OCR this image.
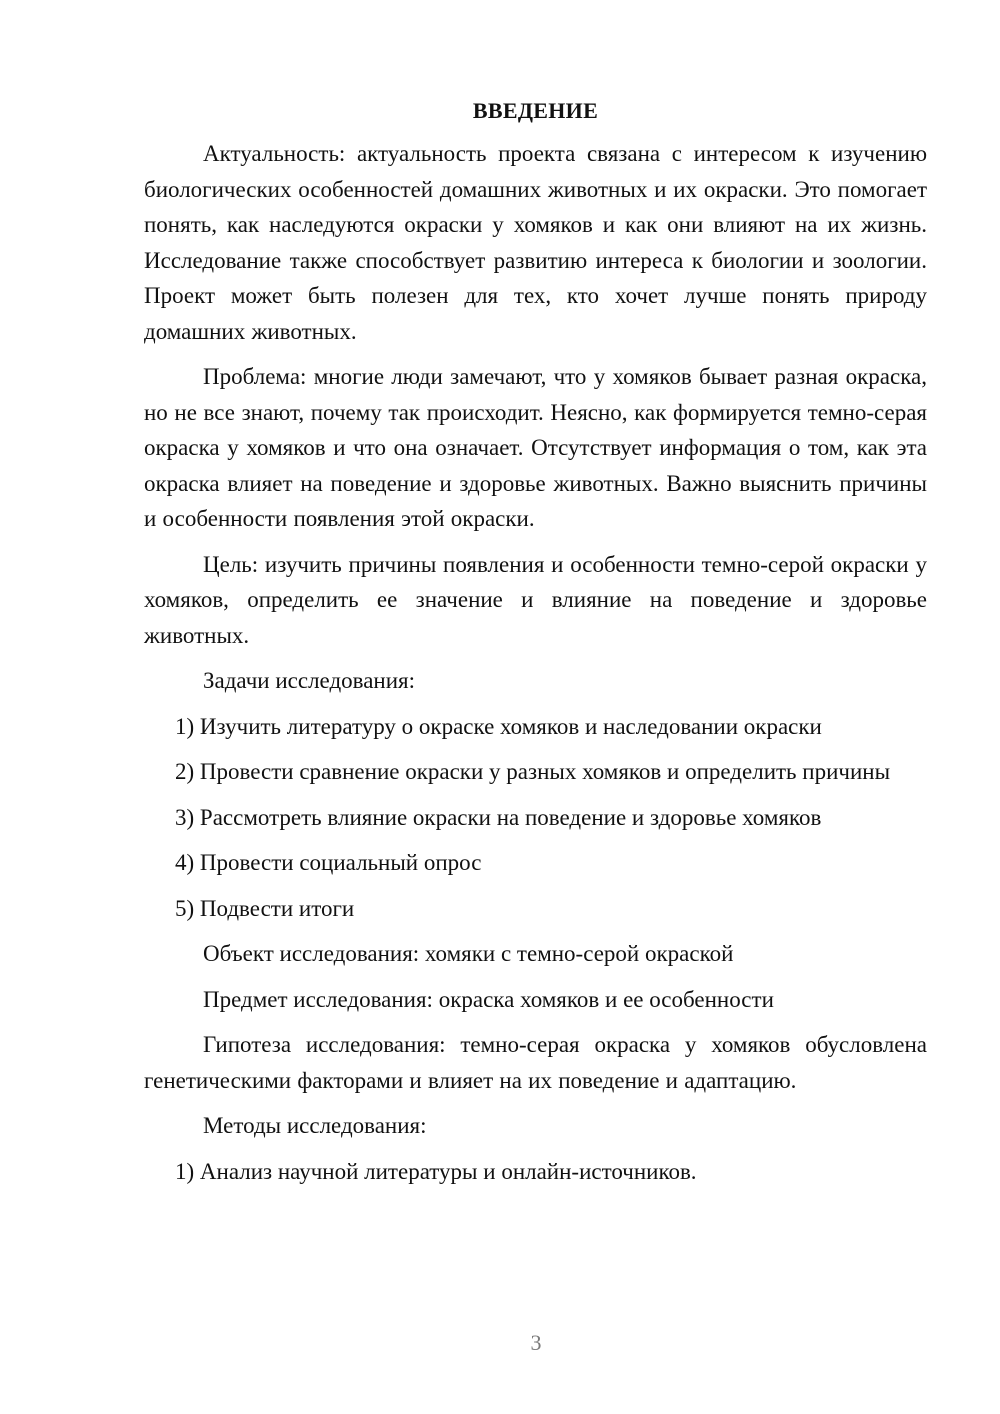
ВВЕДЕНИЕ

Актуальность: актуальность проекта связана с интересом к изучению биологических особенностей домашних животных и их окраски. Это помогает понять, как наследуются окраски у хомяков и как они влияют на их жизнь. Исследование также способствует развитию интереса к биологии и зоологии. Проект может быть полезен для тех, кто хочет лучше понять природу домашних животных.

Проблема: многие люди замечают, что у хомяков бывает разная окраска, но не все знают, почему так происходит. Неясно, как формируется темно-серая окраска у хомяков и что она означает. Отсутствует информация о том, как эта окраска влияет на поведение и здоровье животных. Важно выяснить причины и особенности появления этой окраски.

Цель: изучить причины появления и особенности темно-серой окраски у хомяков, определить ее значение и влияние на поведение и здоровье животных.

Задачи исследования:

1) Изучить литературу о окраске хомяков и наследовании окраски

2) Провести сравнение окраски у разных хомяков и определить причины

3) Рассмотреть влияние окраски на поведение и здоровье хомяков

4) Провести социальный опрос

5) Подвести итоги

Объект исследования: хомяки с темно-серой окраской

Предмет исследования: окраска хомяков и ее особенности

Гипотеза исследования: темно-серая окраска у хомяков обусловлена генетическими факторами и влияет на их поведение и адаптацию.

Методы исследования:

1) Анализ научной литературы и онлайн-источников.

3
